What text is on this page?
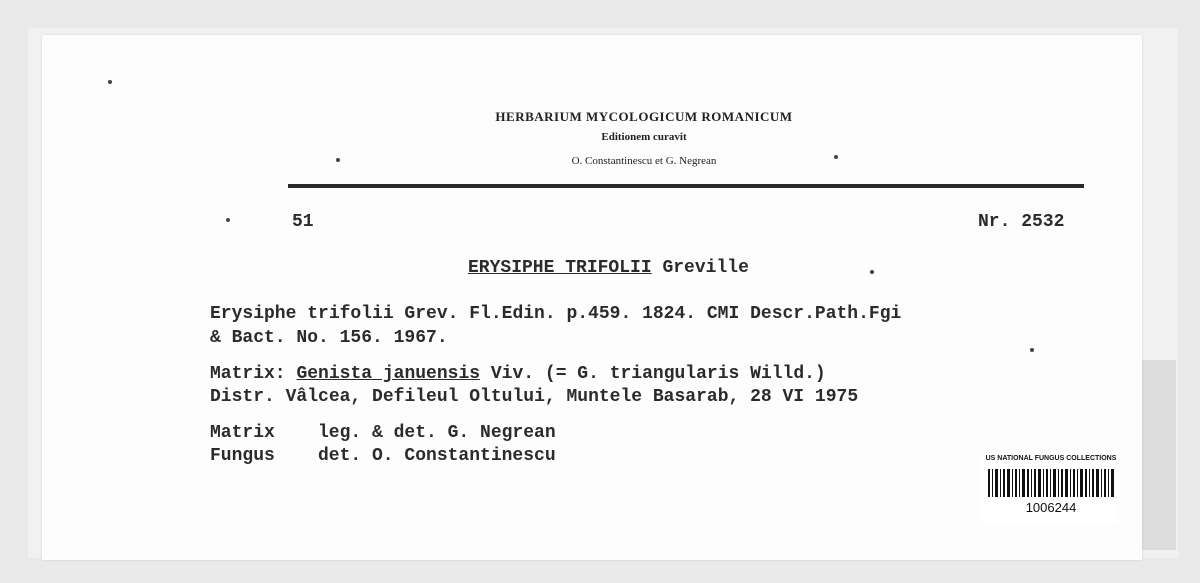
HERBARIUM MYCOLOGICUM ROMANICUM
Editionem curavit
O. Constantinescu et G. Negrean
51	Nr. 2532
ERYSIPHE TRIFOLII Greville
Erysiphe trifolii Grev. Fl.Edin. p.459. 1824. CMI Descr.Path.Fgi
& Bact. No. 156. 1967.
Matrix: Genista januensis Viv. (= G. triangularis Willd.)
Distr. Vâlcea, Defileul Oltului, Muntele Basarab, 28 VI 1975
Matrix leg. & det. G. Negrean
Fungus det. O. Constantinescu	US NATIONAL FUNGUS COLLECTIONS
1006244
